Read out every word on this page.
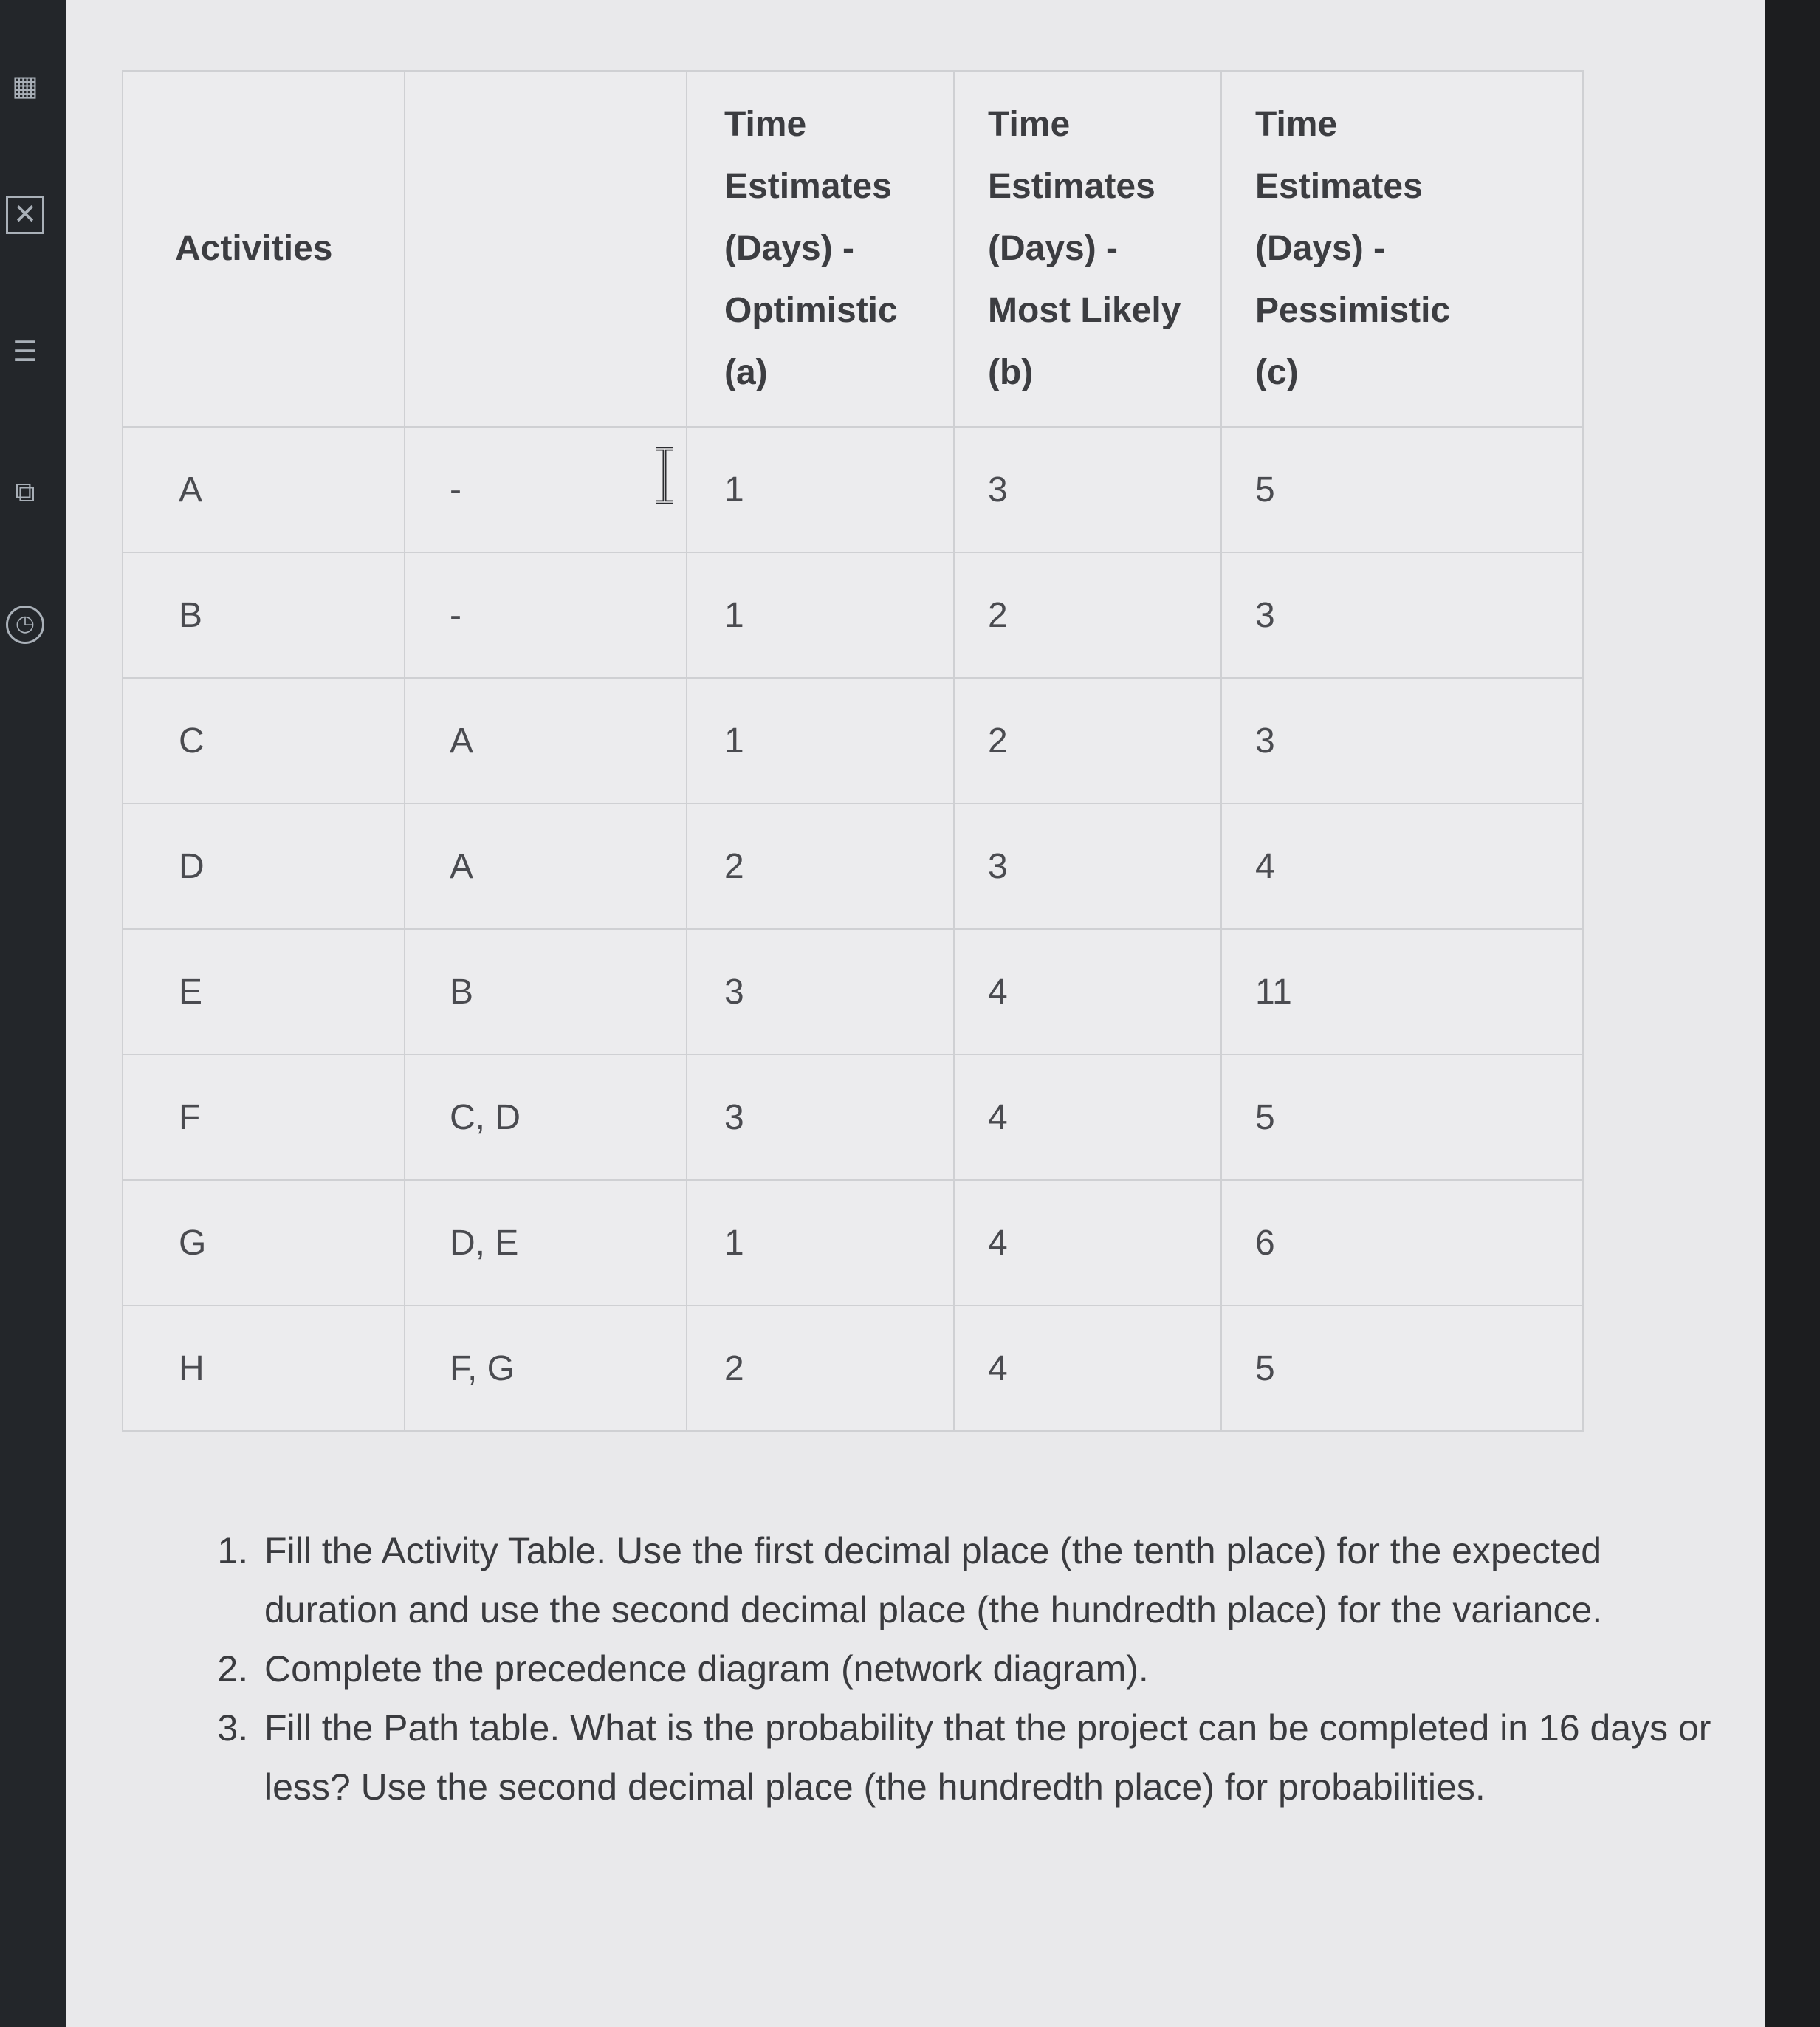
▦
✕
☰
⧉
◷
Activities		Time
Estimates
(Days) -
Optimistic
(a)	Time
Estimates
(Days) -
Most Likely
(b)	Time
Estimates
(Days) -
Pessimistic
(c)

A	-	1	3	5
B	-	1	2	3
C	A	1	2	3
D	A	2	3	4
E	B	3	4	11
F	C, D	3	4	5
G	D, E	1	4	6
H	F, G	2	4	5
1. Fill the Activity Table. Use the first decimal place (the tenth place) for the expected duration and use the second decimal place (the hundredth place) for the variance.
2. Complete the precedence diagram (network diagram).
3. Fill the Path table. What is the probability that the project can be completed in 16 days or less? Use the second decimal place (the hundredth place) for probabilities.
